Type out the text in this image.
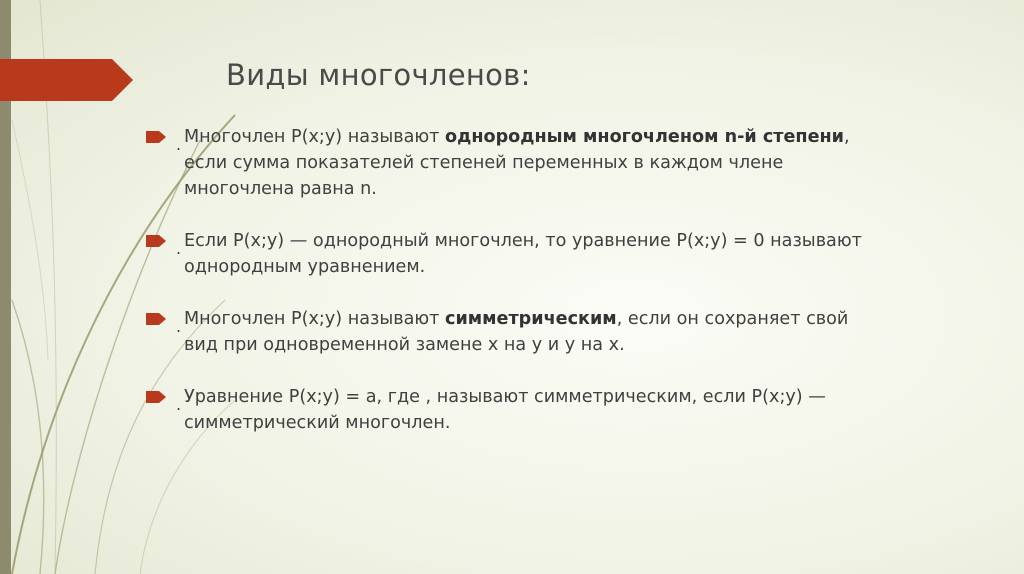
Виды многочленов:
. Многочлен P(x;y) называют однородным многочленом n-й степени, если сумма показателей степеней переменных в каждом члене многочлена равна n.
. Если P(x;y) — однородный многочлен, то уравнение P(x;y) = 0 называют однородным уравнением.
. Многочлен P(x;y) называют симметрическим, если он сохраняет свой вид при одновременной замене x на y и y на x.
. Уравнение P(x;y) = a, где , называют симметрическим, если P(x;y) — симметрический многочлен.
